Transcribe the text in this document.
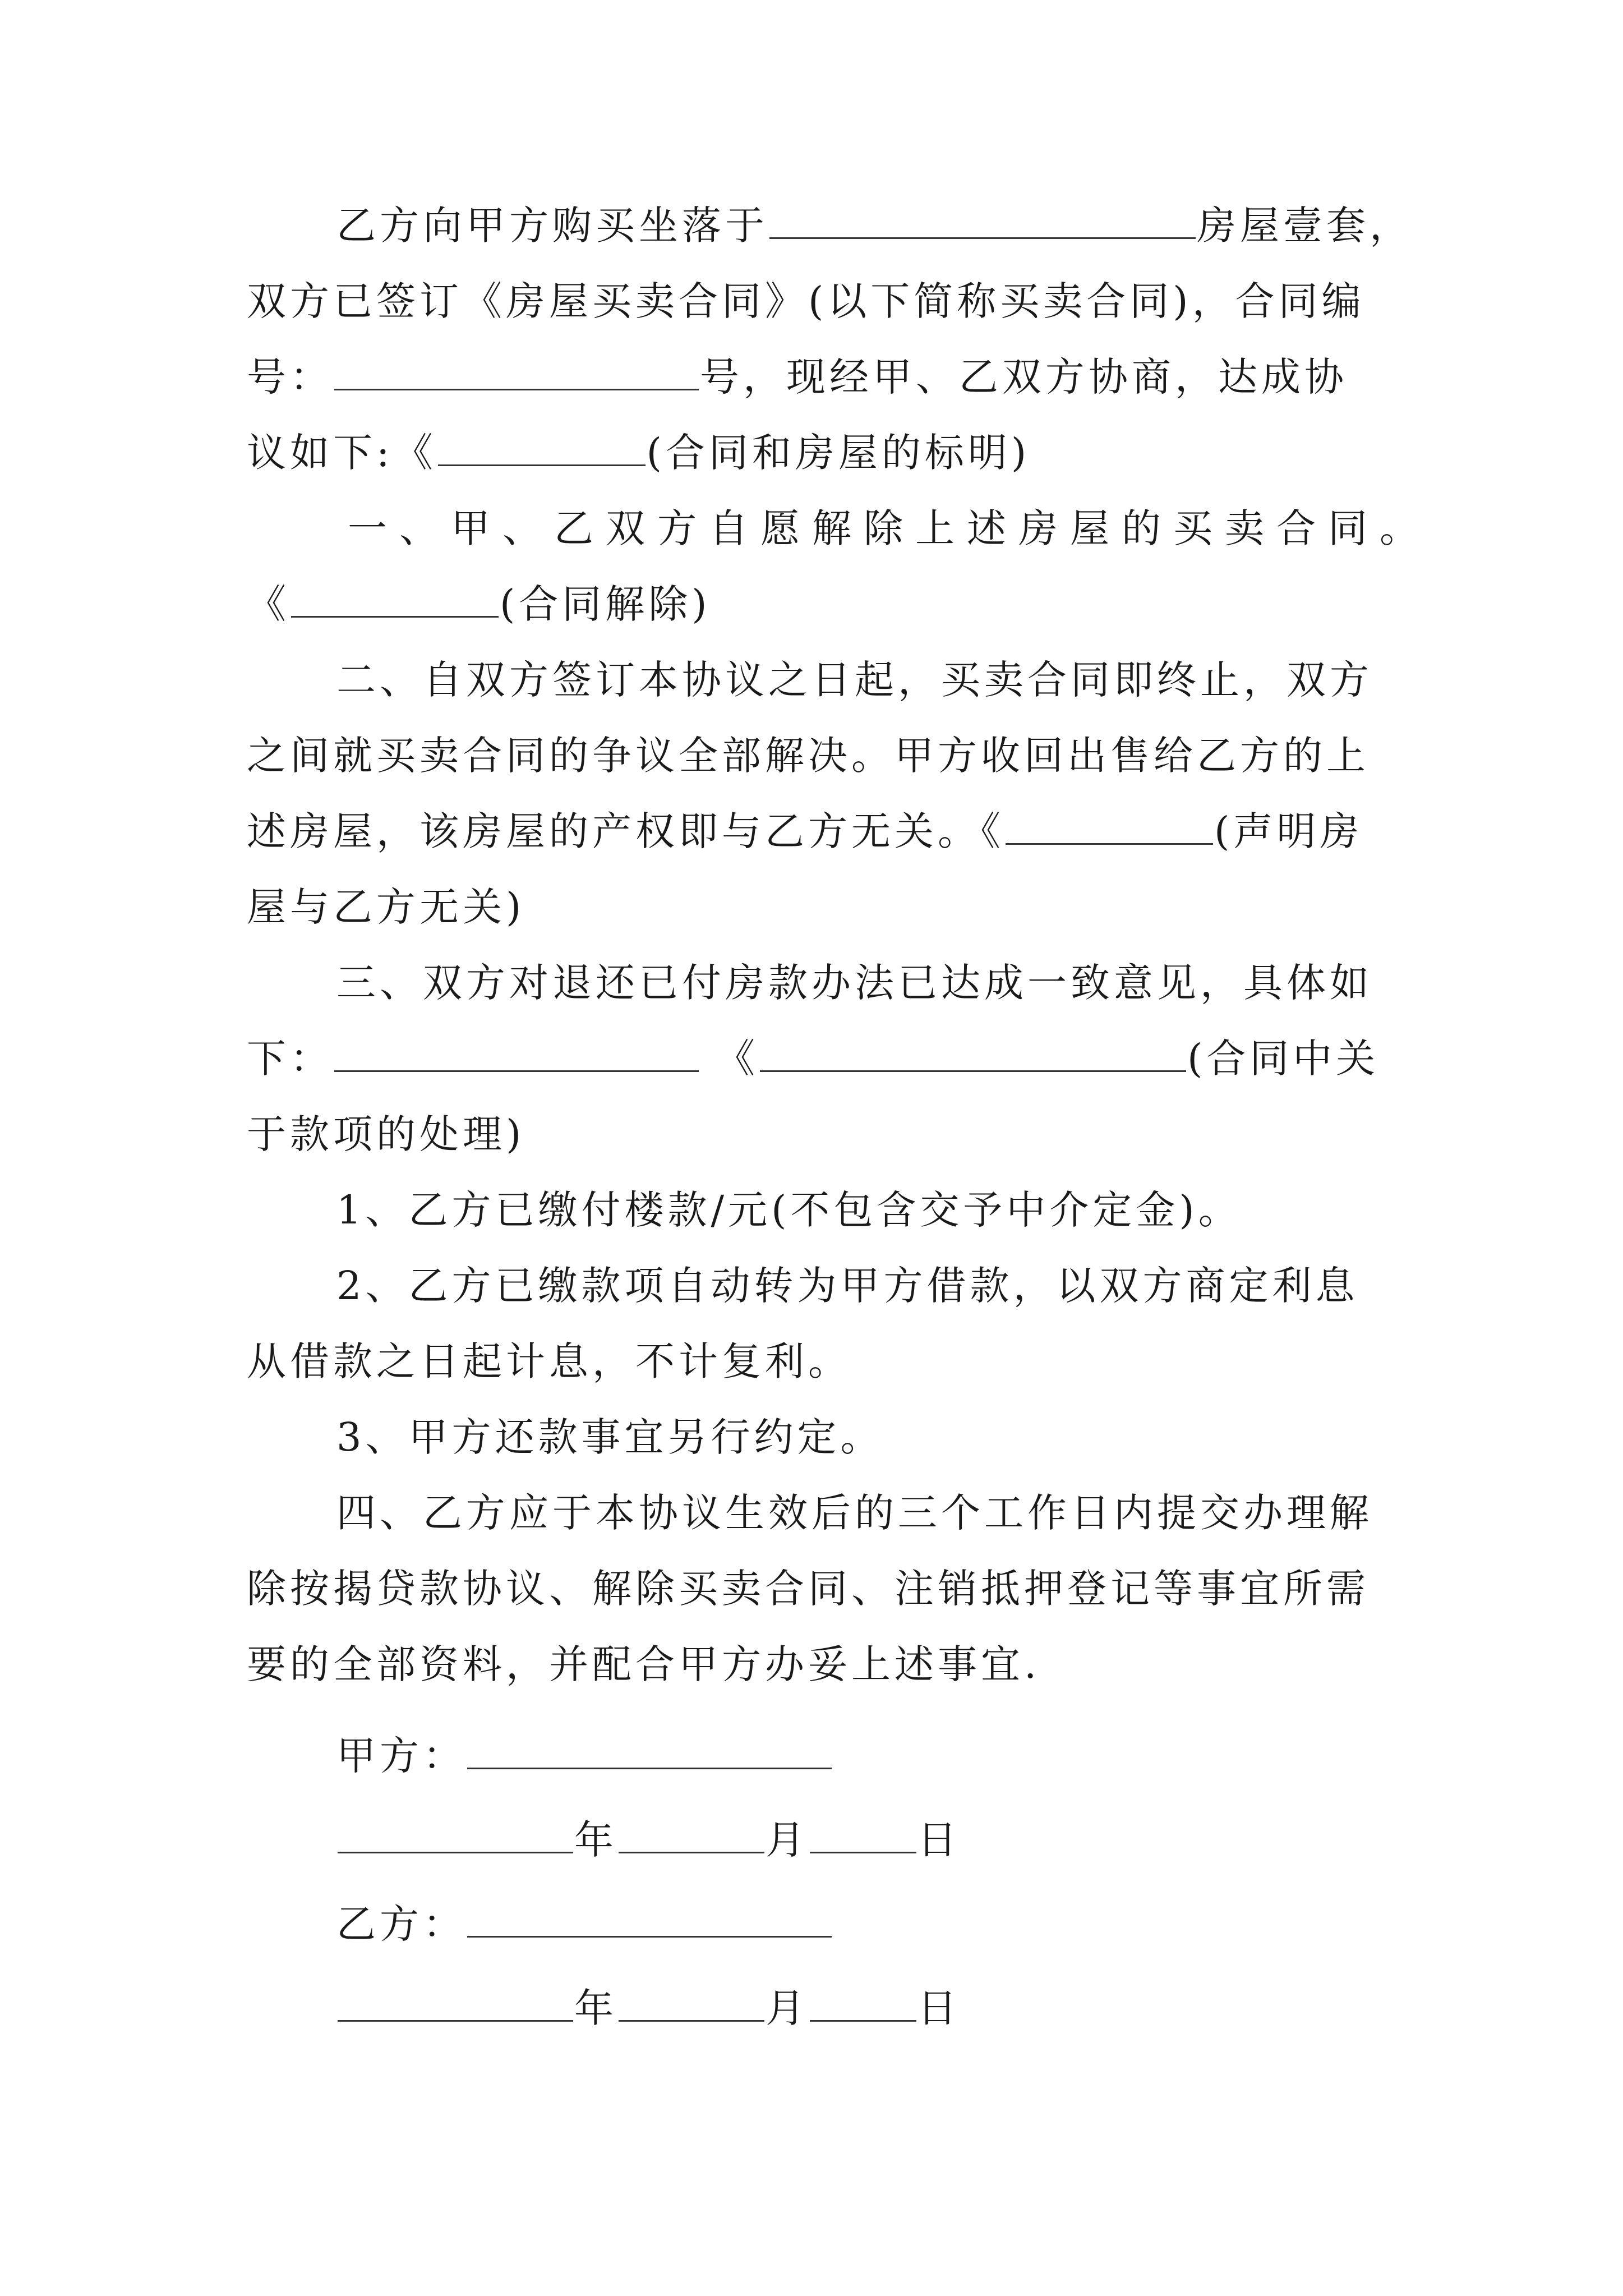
乙方向甲方购买坐落于	房屋壹套，
双方已签订《房屋买卖合同》(以下简称买卖合同)，合同编
号：	号，现经甲、乙双方协商，达成协
议如下:《	(合同和房屋的标明)
一、甲、乙双方自愿解除上述房屋的买卖合同。
《	(合同解除)
二、自双方签订本协议之日起，买卖合同即终止，双方
之间就买卖合同的争议全部解决。甲方收回出售给乙方的上
述房屋，该房屋的产权即与乙方无关。《	(声明房
屋与乙方无关)
三、双方对退还已付房款办法已达成一致意见，具体如
下：	《	(合同中关
于款项的处理)
1、乙方已缴付楼款/元(不包含交予中介定金)。
2、乙方已缴款项自动转为甲方借款，以双方商定利息
从借款之日起计息，不计复利。
3、甲方还款事宜另行约定。
四、乙方应于本协议生效后的三个工作日内提交办理解
除按揭贷款协议、解除买卖合同、注销抵押登记等事宜所需
要的全部资料，并配合甲方办妥上述事宜.
甲方：
年	月	日
乙方：
年	月	日
